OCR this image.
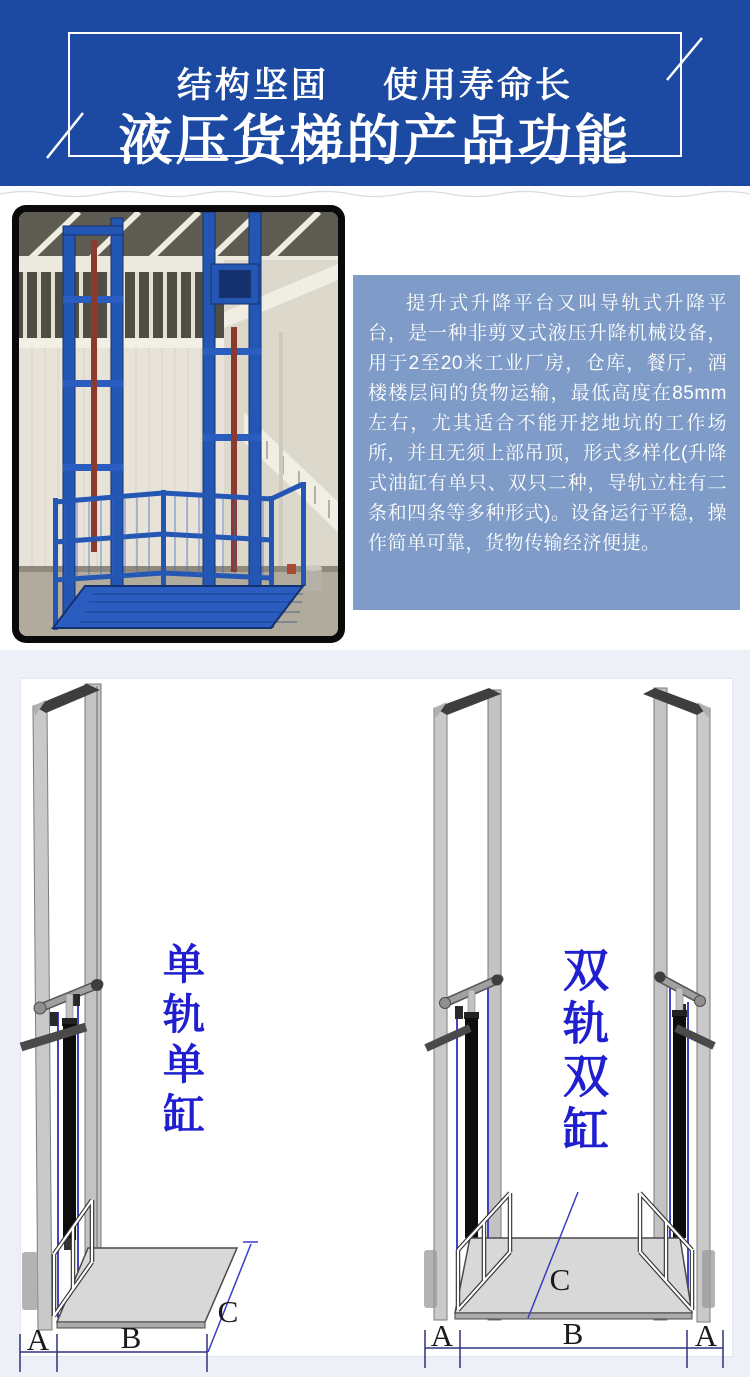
结构坚固 使用寿命长
液压货梯的产品功能

提升式升降平台又叫导轨式升降平台，是一种非剪叉式液压升降机械设备，用于2至20米工业厂房，仓库，餐厅，酒楼楼层间的货物运输，最低高度在85mm左右，尤其适合不能开挖地坑的工作场所，并且无须上部吊顶，形式多样化(升降式油缸有单只、双只二种，导轨立柱有二条和四条等多种形式)。设备运行平稳，操作简单可靠，货物传输经济便捷。

A B
C
A	B	A
C
单轨单缸	双轨双缸
